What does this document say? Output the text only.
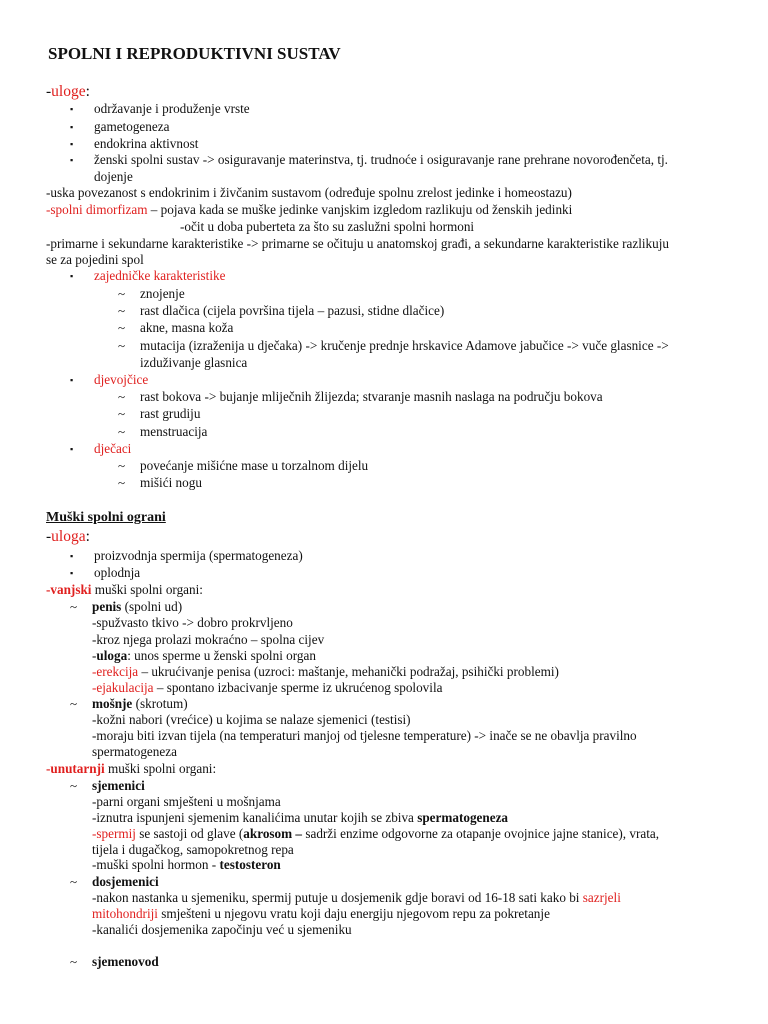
SPOLNI I REPRODUKTIVNI SUSTAV
-uloge:
▪ održavanje i produženje vrste
▪ gametogeneza
▪ endokrina aktivnost
▪ ženski spolni sustav -> osiguravanje materinstva, tj. trudnoće i osiguravanje rane prehrane novorođenčeta, tj.
dojenje
-uska povezanost s endokrinim i živčanim sustavom (određuje spolnu zrelost jedinke i homeostazu)
-spolni dimorfizam – pojava kada se muške jedinke vanjskim izgledom razlikuju od ženskih jedinki
-očit u doba puberteta za što su zaslužni spolni hormoni
-primarne i sekundarne karakteristike -> primarne se očituju u anatomskoj građi, a sekundarne karakteristike razlikuju
se za pojedini spol
▪ zajedničke karakteristike
~ znojenje
~ rast dlačica (cijela površina tijela – pazusi, stidne dlačice)
~ akne, masna koža
~ mutacija (izraženija u dječaka) -> kručenje prednje hrskavice Adamove jabučice -> vuče glasnice ->
izduživanje glasnica
▪ djevojčice
~ rast bokova -> bujanje mliječnih žlijezda; stvaranje masnih naslaga na području bokova
~ rast grudiju
~ menstruacija
▪ dječaci
~ povećanje mišićne mase u torzalnom dijelu
~ mišići nogu
Muški spolni ograni
-uloga:
▪ proizvodnja spermija (spermatogeneza)
▪ oplodnja
-vanjski muški spolni organi:
~ penis (spolni ud)
-spužvasto tkivo -> dobro prokrvljeno
-kroz njega prolazi mokraćno – spolna cijev
-uloga: unos sperme u ženski spolni organ
-erekcija – ukrućivanje penisa (uzroci: maštanje, mehanički podražaj, psihički problemi)
-ejakulacija – spontano izbacivanje sperme iz ukrućenog spolovila
~ mošnje (skrotum)
-kožni nabori (vrećice) u kojima se nalaze sjemenici (testisi)
-moraju biti izvan tijela (na temperaturi manjoj od tjelesne temperature) -> inače se ne obavlja pravilno
spermatogeneza
-unutarnji muški spolni organi:
~ sjemenici
-parni organi smješteni u mošnjama
-iznutra ispunjeni sjemenim kanalićima unutar kojih se zbiva spermatogeneza
-spermij se sastoji od glave (akrosom – sadrži enzime odgovorne za otapanje ovojnice jajne stanice), vrata,
tijela i dugačkog, samopokretnog repa
-muški spolni hormon - testosteron
~ dosjemenici
-nakon nastanka u sjemeniku, spermij putuje u dosjemenik gdje boravi od 16-18 sati kako bi sazrjeli
mitohondriji smješteni u njegovu vratu koji daju energiju njegovom repu za pokretanje
-kanalići dosjemenika započinju već u sjemeniku
~ sjemenovod
